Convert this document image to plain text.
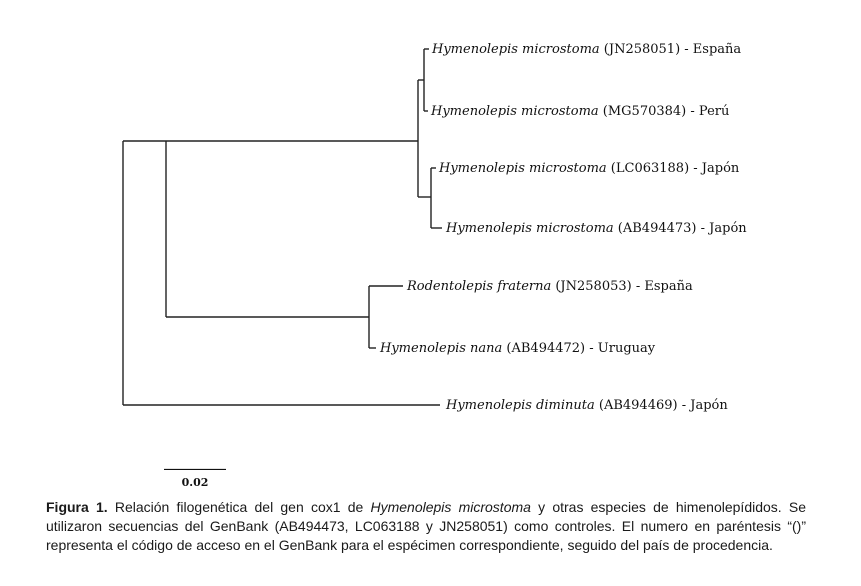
Hymenolepis microstoma (JN258051) - España
Hymenolepis microstoma (MG570384) - Perú
Hymenolepis microstoma (LC063188) - Japón
Hymenolepis microstoma (AB494473) - Japón
Rodentolepis fraterna (JN258053) - España
Hymenolepis nana (AB494472) - Uruguay
Hymenolepis diminuta (AB494469) - Japón
0.02

Figura 1. Relación filogenética del gen cox1 de Hymenolepis microstoma y otras especies de himenolepídidos. Se utilizaron secuencias del GenBank (AB494473, LC063188 y JN258051) como controles. El numero en paréntesis “()” representa el código de acceso en el GenBank para el espécimen correspondiente, seguido del país de procedencia.
